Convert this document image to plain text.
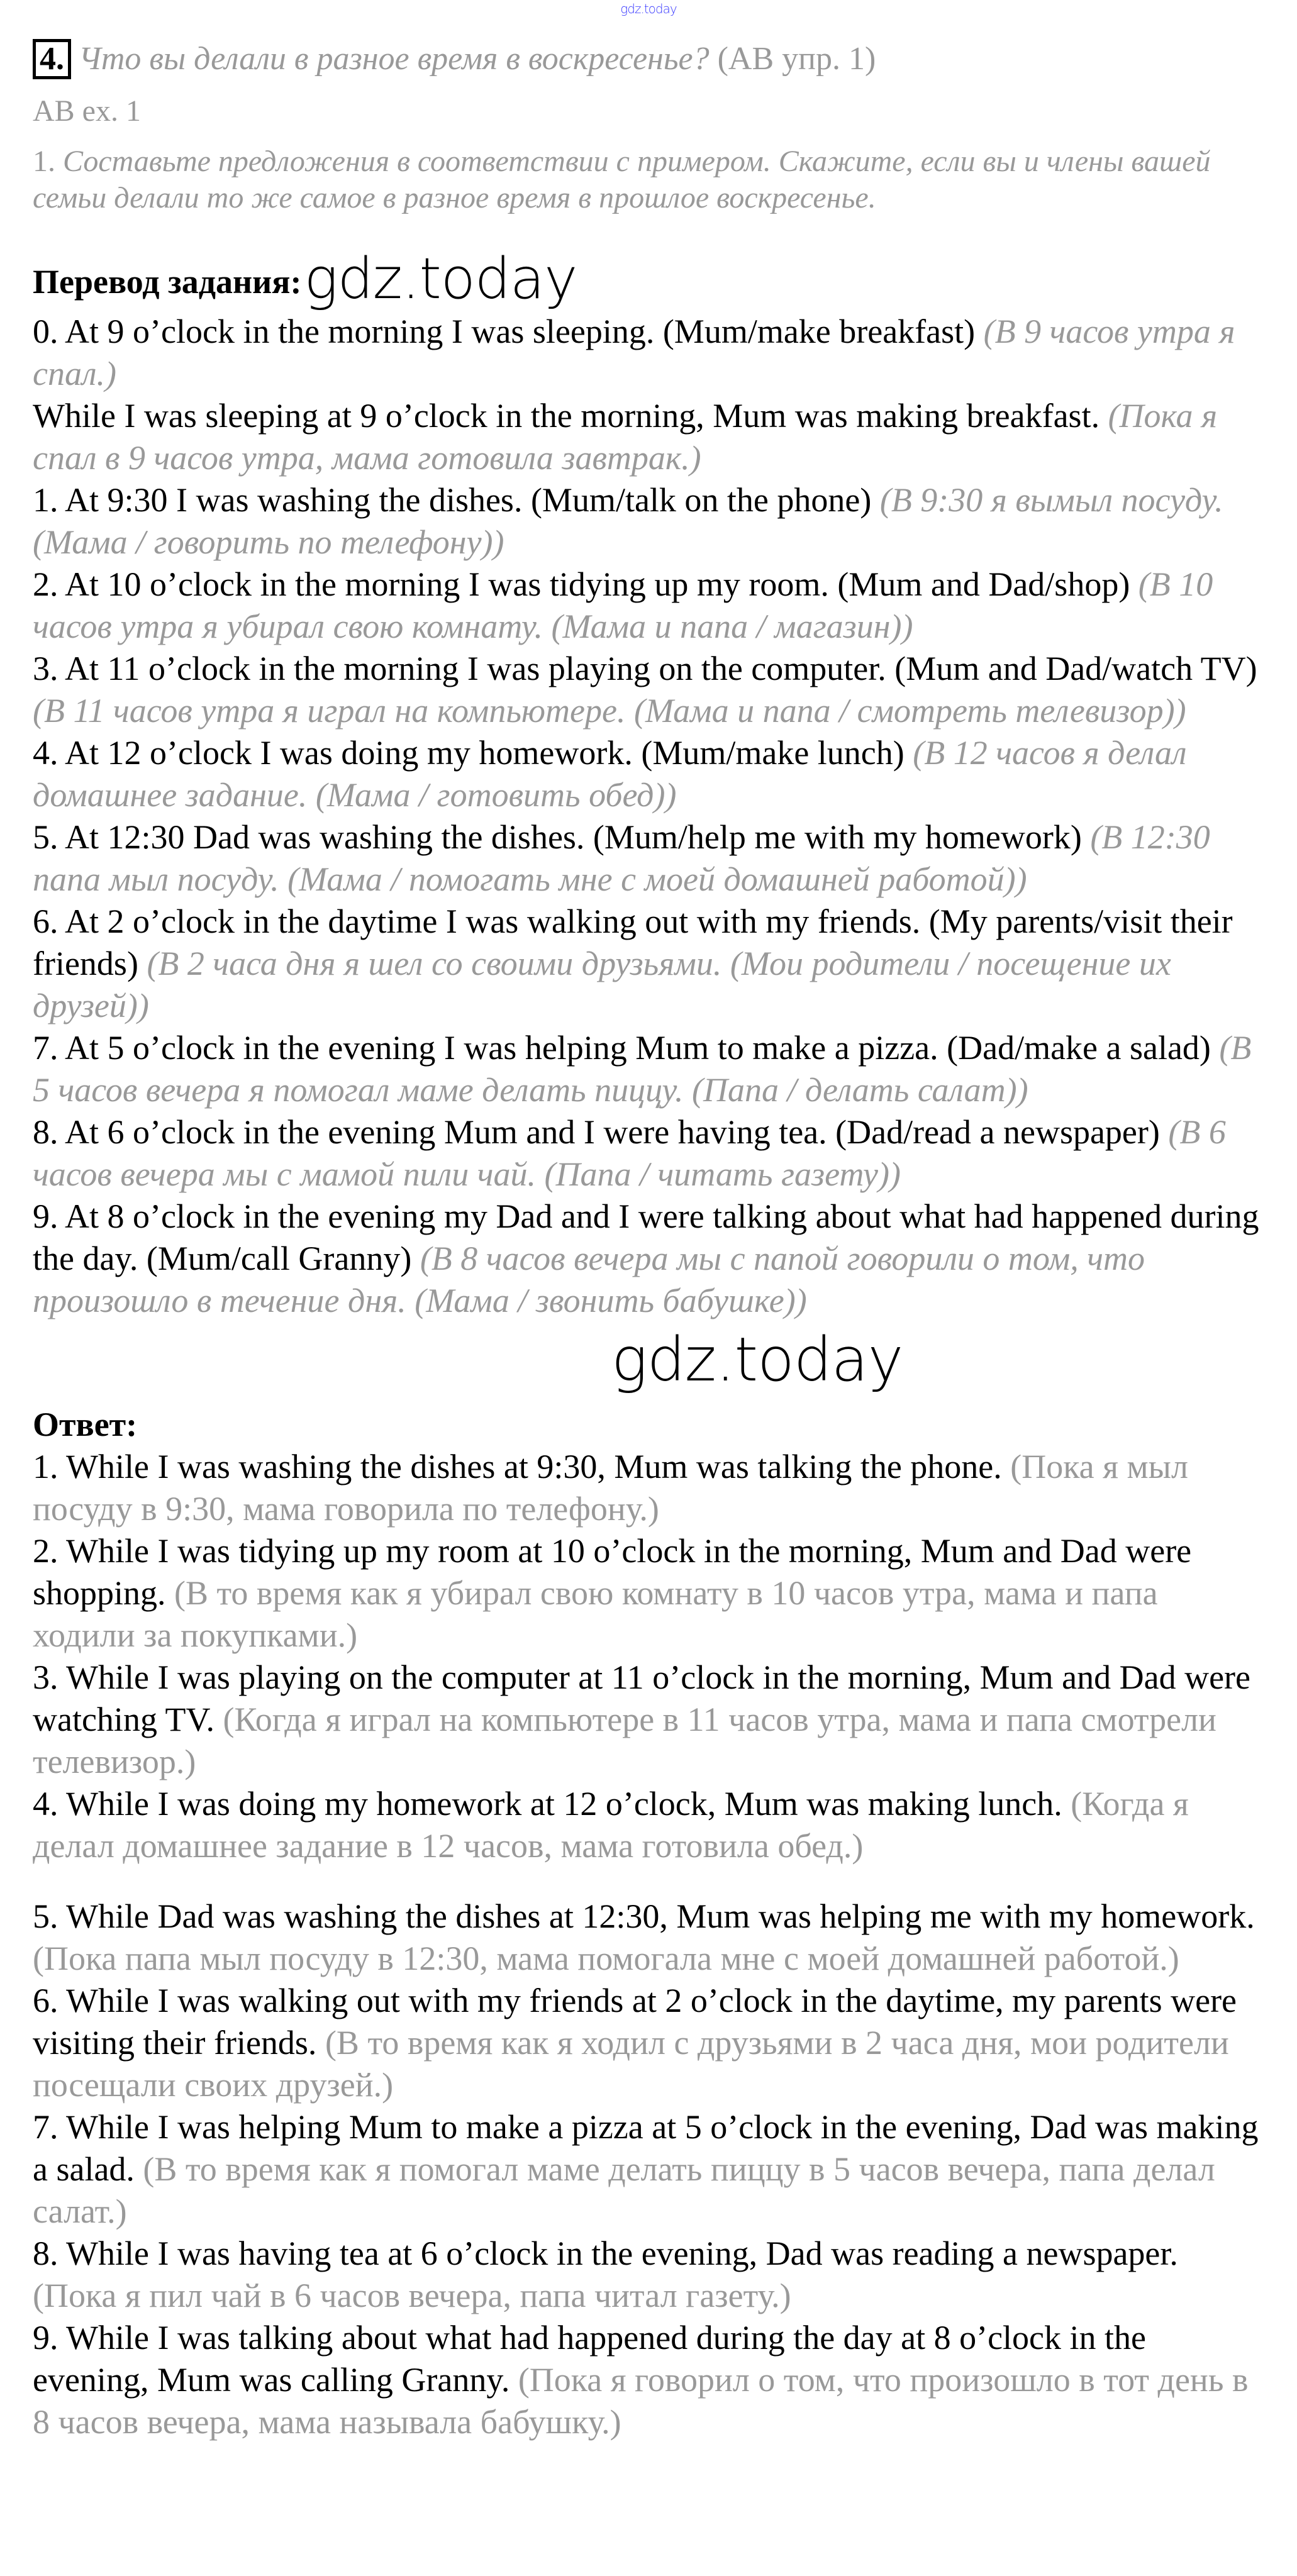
gdz.today
4. Что вы делали в разное время в воскресенье? (AB упр. 1)
AB ex. 1
1. Составьте предложения в соответствии с примером. Скажите, если вы и члены вашей семьи делали то же самое в разное время в прошлое воскресенье.

Перевод задания:gdz.today

0. At 9 o’clock in the morning I was sleeping. (Mum/make breakfast) (В 9 часов утра я спал.)

While I was sleeping at 9 o’clock in the morning, Mum was making breakfast. (Пока я спал в 9 часов утра, мама готовила завтрак.)

1. At 9:30 I was washing the dishes. (Mum/talk on the phone) (В 9:30 я вымыл посуду. (Мама / говорить по телефону))

2. At 10 o’clock in the morning I was tidying up my room. (Mum and Dad/shop) (В 10 часов утра я убирал свою комнату. (Мама и папа / магазин))

3. At 11 o’clock in the morning I was playing on the computer. (Mum and Dad/watch TV) (В 11 часов утра я играл на компьютере. (Мама и папа / смотреть телевизор))

4. At 12 o’clock I was doing my homework. (Mum/make lunch) (В 12 часов я делал домашнее задание. (Мама / готовить обед))

5. At 12:30 Dad was washing the dishes. (Mum/help me with my homework) (В 12:30 папа мыл посуду. (Мама / помогать мне с моей домашней работой))

6. At 2 o’clock in the daytime I was walking out with my friends. (My parents/visit their friends) (В 2 часа дня я шел со своими друзьями. (Мои родители / посещение их друзей))

7. At 5 o’clock in the evening I was helping Mum to make a pizza. (Dad/make a salad) (В 5 часов вечера я помогал маме делать пиццу. (Папа / делать салат))

8. At 6 o’clock in the evening Mum and I were having tea. (Dad/read a newspaper) (В 6 часов вечера мы с мамой пили чай. (Папа / читать газету))

9. At 8 o’clock in the evening my Dad and I were talking about what had happened during the day. (Mum/call Granny) (В 8 часов вечера мы с папой говорили о том, что произошло в течение дня. (Мама / звонить бабушке))

gdz.today

Ответ:

1. While I was washing the dishes at 9:30, Mum was talking the phone. (Пока я мыл посуду в 9:30, мама говорила по телефону.)

2. While I was tidying up my room at 10 o’clock in the morning, Mum and Dad were shopping. (В то время как я убирал свою комнату в 10 часов утра, мама и папа ходили за покупками.)

3. While I was playing on the computer at 11 o’clock in the morning, Mum and Dad were watching TV. (Когда я играл на компьютере в 11 часов утра, мама и папа смотрели телевизор.)

4. While I was doing my homework at 12 o’clock, Mum was making lunch. (Когда я делал домашнее задание в 12 часов, мама готовила обед.)

5. While Dad was washing the dishes at 12:30, Mum was helping me with my homework. (Пока папа мыл посуду в 12:30, мама помогала мне с моей домашней работой.)

6. While I was walking out with my friends at 2 o’clock in the daytime, my parents were visiting their friends. (В то время как я ходил с друзьями в 2 часа дня, мои родители посещали своих друзей.)

7. While I was helping Mum to make a pizza at 5 o’clock in the evening, Dad was making a salad. (В то время как я помогал маме делать пиццу в 5 часов вечера, папа делал салат.)

8. While I was having tea at 6 o’clock in the evening, Dad was reading a newspaper. (Пока я пил чай в 6 часов вечера, папа читал газету.)

9. While I was talking about what had happened during the day at 8 o’clock in the evening, Mum was calling Granny. (Пока я говорил о том, что произошло в тот день в 8 часов вечера, мама называла бабушку.)
